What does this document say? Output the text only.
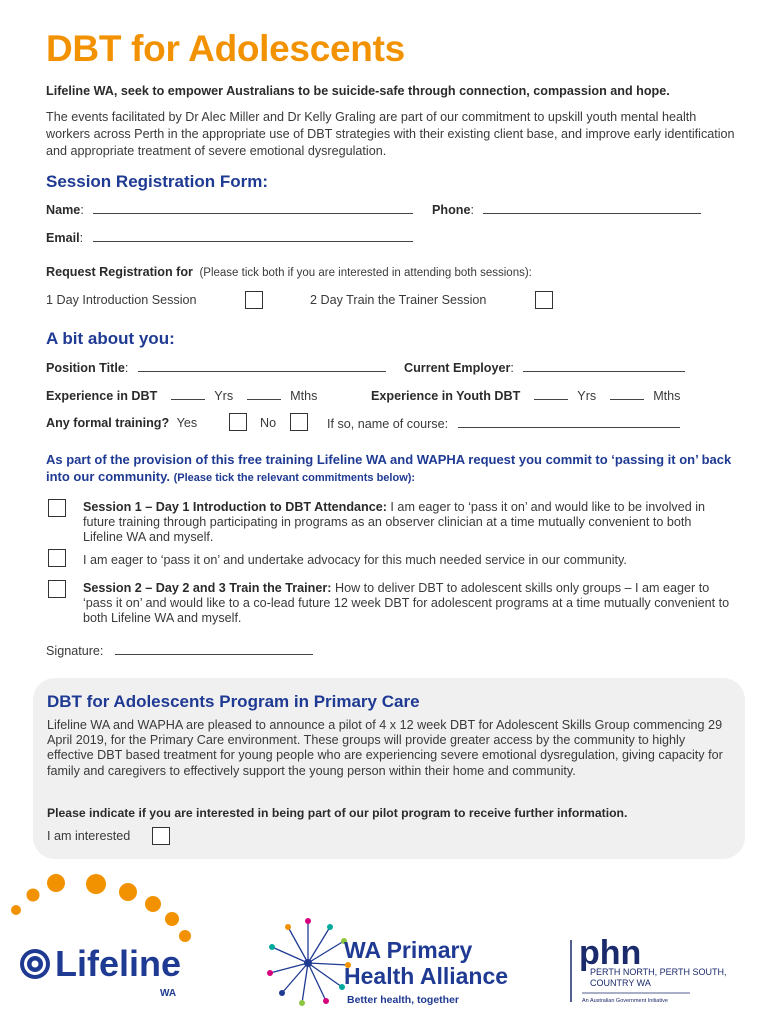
DBT for Adolescents
Lifeline WA, seek to empower Australians to be suicide-safe through connection, compassion and hope.
The events facilitated by Dr Alec Miller and Dr Kelly Graling are part of our commitment to upskill youth mental health workers across Perth in the appropriate use of DBT strategies with their existing client base, and improve early identification and appropriate treatment of severe emotional dysregulation.
Session Registration Form:
Name:	Phone:
Email:
Request Registration for (Please tick both if you are interested in attending both sessions):
1 Day Introduction Session	2 Day Train the Trainer Session
A bit about you:
Position Title:	Current Employer:
Experience in DBT	Yrs	Mths	Experience in Youth DBT	Yrs	Mths
Any formal training? Yes	No	If so, name of course:
As part of the provision of this free training Lifeline WA and WAPHA request you commit to ‘passing it on’ back into our community. (Please tick the relevant commitments below):
Session 1 – Day 1 Introduction to DBT Attendance: I am eager to ‘pass it on’ and would like to be involved in future training through participating in programs as an observer clinician at a time mutually convenient to both Lifeline WA and myself.
I am eager to ‘pass it on’ and undertake advocacy for this much needed service in our community.
Session 2 – Day 2 and 3 Train the Trainer: How to deliver DBT to adolescent skills only groups – I am eager to ‘pass it on’ and would like to a co-lead future 12 week DBT for adolescent programs at a time mutually convenient to both Lifeline WA and myself.
Signature:
DBT for Adolescents Program in Primary Care
Lifeline WA and WAPHA are pleased to announce a pilot of 4 x 12 week DBT for Adolescent Skills Group commencing 29 April 2019, for the Primary Care environment. These groups will provide greater access by the community to highly effective DBT based treatment for young people who are experiencing severe emotional dysregulation, giving capacity for family and caregivers to effectively support the young person within their home and community.
Please indicate if you are interested in being part of our pilot program to receive further information.
I am interested
Lifeline
WA
WA Primary
Health Alliance
Better health, together
phn
PERTH NORTH, PERTH SOUTH,
COUNTRY WA
An Australian Government Initiative
